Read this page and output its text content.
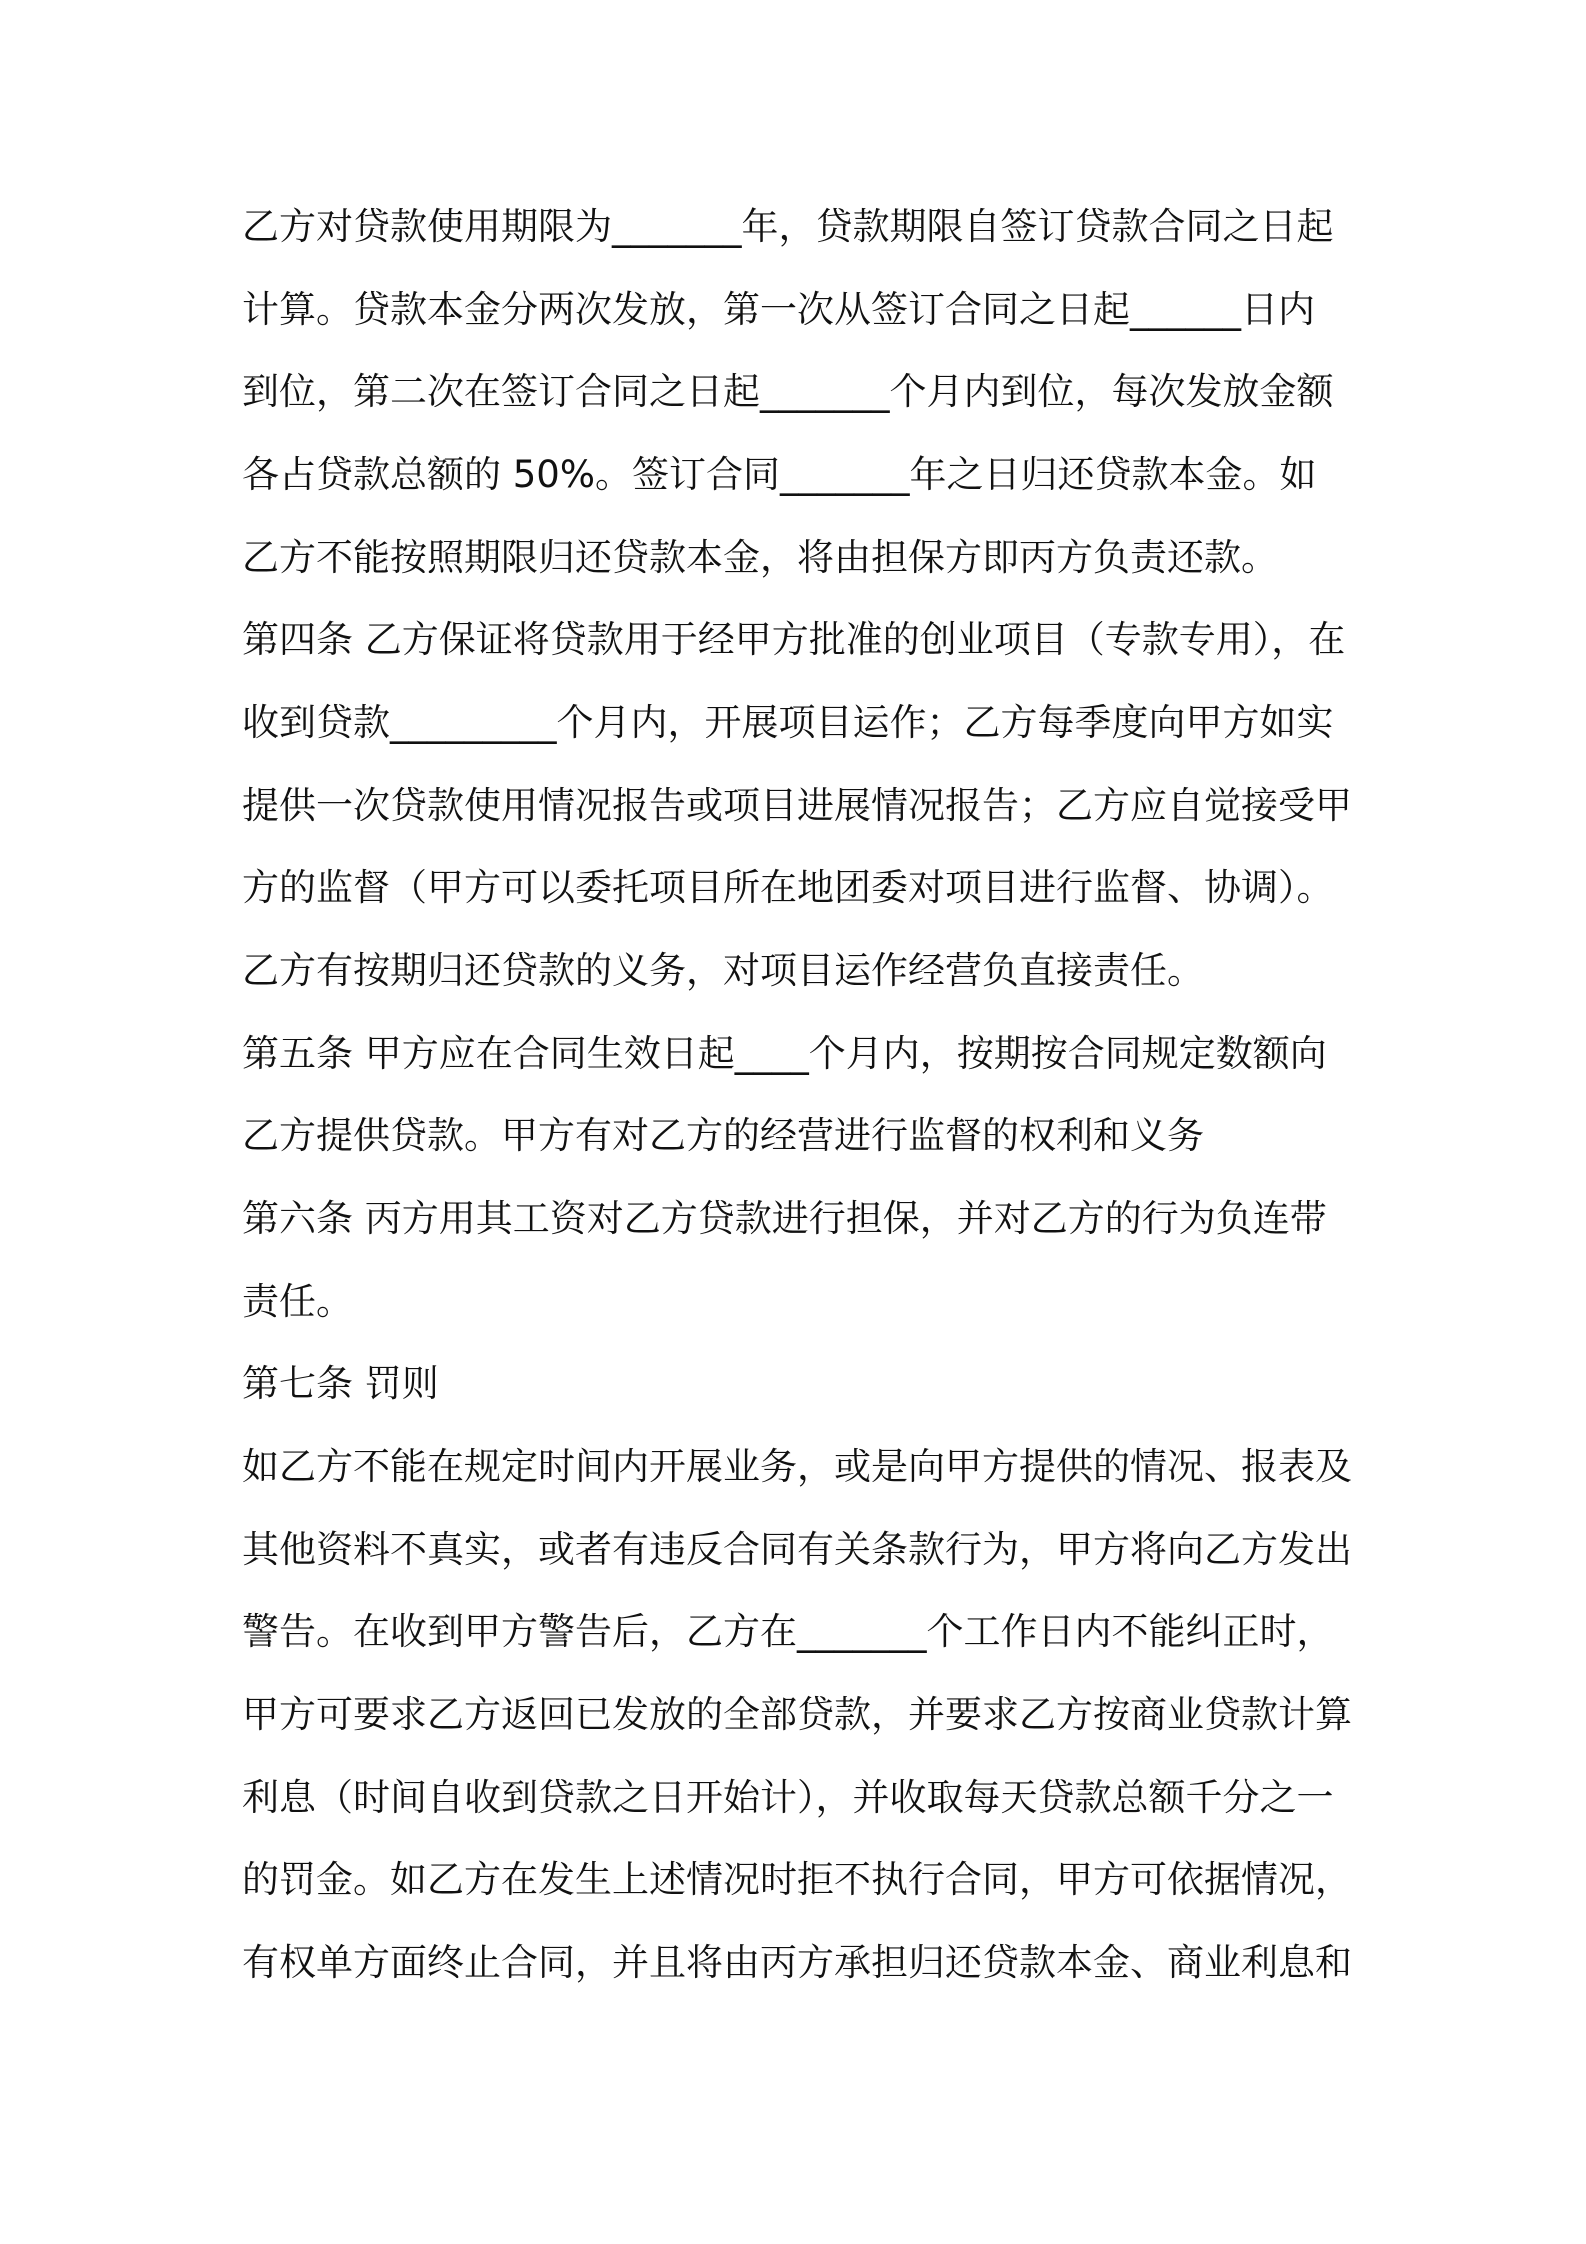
乙方对贷款使用期限为_______年，贷款期限自签订贷款合同之日起
计算。贷款本金分两次发放，第一次从签订合同之日起______日内
到位，第二次在签订合同之日起_______个月内到位，每次发放金额
各占贷款总额的 50%。签订合同_______年之日归还贷款本金。如
乙方不能按照期限归还贷款本金，将由担保方即丙方负责还款。
第四条 乙方保证将贷款用于经甲方批准的创业项目（专款专用），在
收到贷款_________个月内，开展项目运作；乙方每季度向甲方如实
提供一次贷款使用情况报告或项目进展情况报告；乙方应自觉接受甲
方的监督（甲方可以委托项目所在地团委对项目进行监督、协调）。
乙方有按期归还贷款的义务，对项目运作经营负直接责任。
第五条 甲方应在合同生效日起____个月内，按期按合同规定数额向
乙方提供贷款。甲方有对乙方的经营进行监督的权利和义务
第六条 丙方用其工资对乙方贷款进行担保，并对乙方的行为负连带
责任。
第七条 罚则
如乙方不能在规定时间内开展业务，或是向甲方提供的情况、报表及
其他资料不真实，或者有违反合同有关条款行为，甲方将向乙方发出
警告。在收到甲方警告后，乙方在_______个工作日内不能纠正时，
甲方可要求乙方返回已发放的全部贷款，并要求乙方按商业贷款计算
利息（时间自收到贷款之日开始计），并收取每天贷款总额千分之一
的罚金。如乙方在发生上述情况时拒不执行合同，甲方可依据情况，
有权单方面终止合同，并且将由丙方承担归还贷款本金、商业利息和
